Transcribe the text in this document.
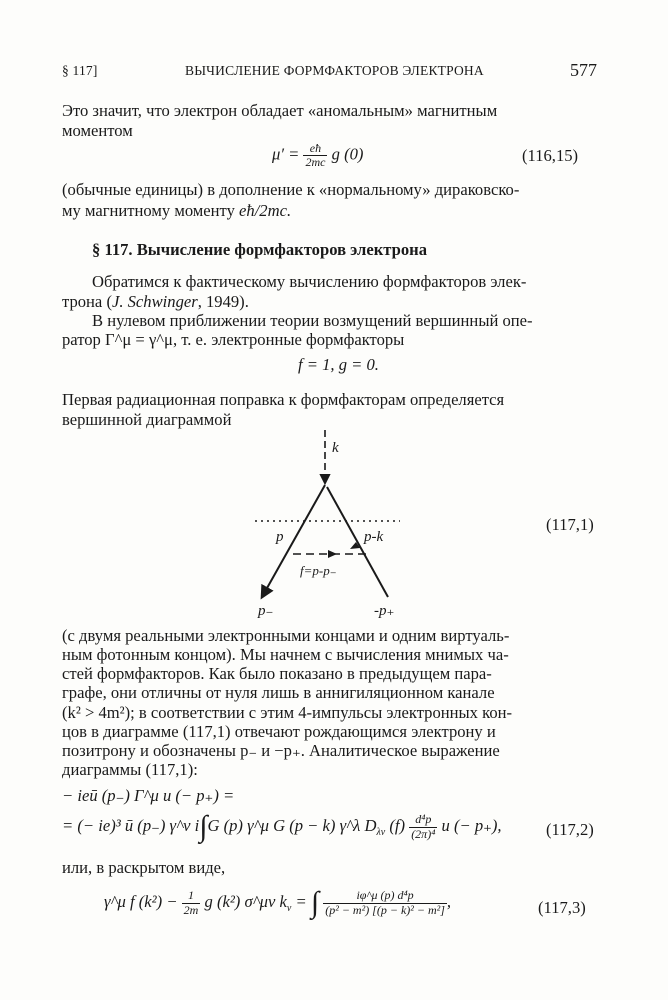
§ 117]	ВЫЧИСЛЕНИЕ ФОРМФАКТОРОВ ЭЛЕКТРОНА	577
Это значит, что электрон обладает «аномальным» магнитным
моментом
$\mu' = \frac{eħ}{2mc}$ g (0)	(116,15)
(обычные единицы) в дополнение к «нормальному» дираковско-
му магнитному моменту eħ/2mc.
§ 117. Вычисление формфакторов электрона
Обратимся к фактическому вычислению формфакторов элек-
трона (J. Schwinger, 1949).
В нулевом приближении теории возмущений вершинный опе-
ратор Γ^μ = γ^μ, т. е. электронные формфакторы
f = 1, g = 0.
Первая радиационная поправка к формфакторам определяется
вершинной диаграммой
k
p	p-k
f=p-p₋
p₋	-p₊
(117,1)
(с двумя реальными электронными концами и одним виртуаль-
ным фотонным концом). Мы начнем с вычисления мнимых ча-
стей формфакторов. Как было показано в предыдущем пара-
графе, они отличны от нуля лишь в аннигиляционном канале
(k² > 4m²); в соответствии с этим 4-импульсы электронных кон-
цов в диаграмме (117,1) отвечают рождающимся электрону и
позитрону и обозначены p₋ и −p₊. Аналитическое выражение
диаграммы (117,1):
− ieū (p₋) Γ^μ u (− p₊) =
= (− ie)³ ū (p₋) γ^ν i∫G (p) γ^μ G (p − k) γ^λ $D_{\lambda\nu}$ $(f) \frac{\text{d⁴p}}{\text{(2π)⁴}}$ u (− p₊),	(117,2)
или, в раскрытом виде,
γ^μ f $(k^2) - \frac{1}{2m}$ g (k²) σ^μν $k_\nu$ = ∫ $\frac{\text{iφ\textasciicircum{}μ (p) d⁴p}}{\text{(p² − m²) [(p − k)² − m²]}}$ ,	(117,3)
